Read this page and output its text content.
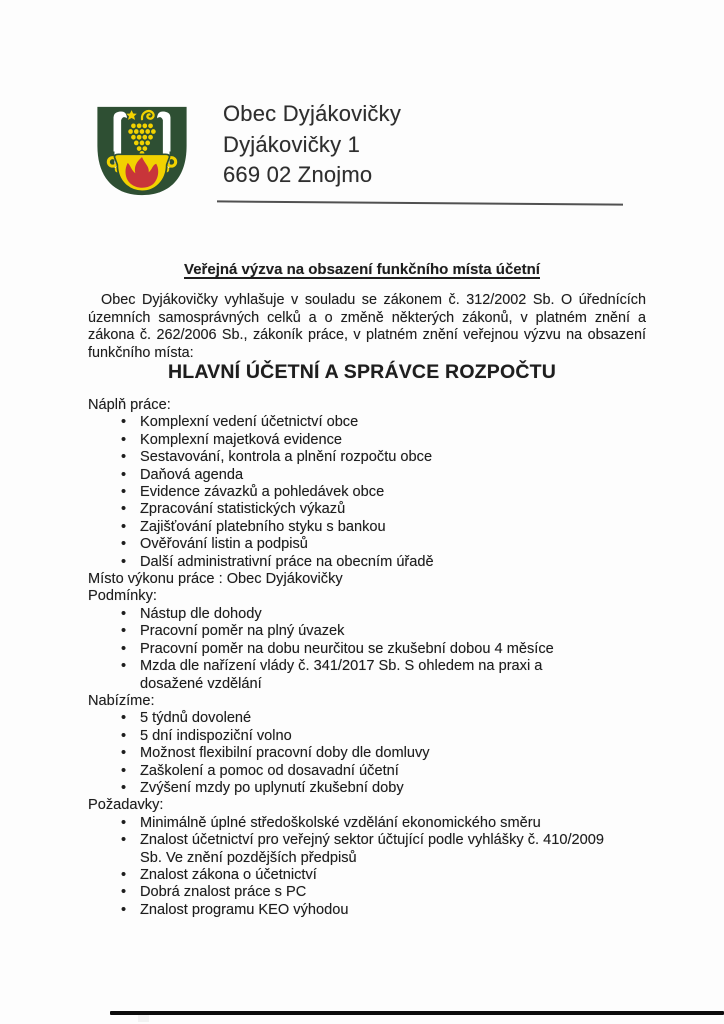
Obec Dyjákovičky
Dyjákovičky 1
669 02 Znojmo
Veřejná výzva na obsazení funkčního místa účetní

Obec Dyjákovičky vyhlašuje v souladu se zákonem č. 312/2002 Sb. O úřednících územních samosprávných celků a o změně některých zákonů, v platném znění a zákona č. 262/2006 Sb., zákoník práce, v platném znění veřejnou výzvu na obsazení funkčního místa:

HLAVNÍ ÚČETNÍ A SPRÁVCE ROZPOČTU
Náplň práce:
• Komplexní vedení účetnictví obce
• Komplexní majetková evidence
• Sestavování, kontrola a plnění rozpočtu obce
• Daňová agenda
• Evidence závazků a pohledávek obce
• Zpracování statistických výkazů
• Zajišťování platebního styku s bankou
• Ověřování listin a podpisů
• Další administrativní práce na obecním úřadě
Místo výkonu práce : Obec Dyjákovičky
Podmínky:
• Nástup dle dohody
• Pracovní poměr na plný úvazek
• Pracovní poměr na dobu neurčitou se zkušební dobou 4 měsíce
• Mzda dle nařízení vlády č. 341/2017 Sb. S ohledem na praxi a dosažené vzdělání
Nabízíme:
• 5 týdnů dovolené
• 5 dní indispoziční volno
• Možnost flexibilní pracovní doby dle domluvy
• Zaškolení a pomoc od dosavadní účetní
• Zvýšení mzdy po uplynutí zkušební doby
Požadavky:
• Minimálně úplné středoškolské vzdělání ekonomického směru
• Znalost účetnictví pro veřejný sektor účtující podle vyhlášky č. 410/2009 Sb. Ve znění pozdějších předpisů
• Znalost zákona o účetnictví
• Dobrá znalost práce s PC
• Znalost programu KEO výhodou
